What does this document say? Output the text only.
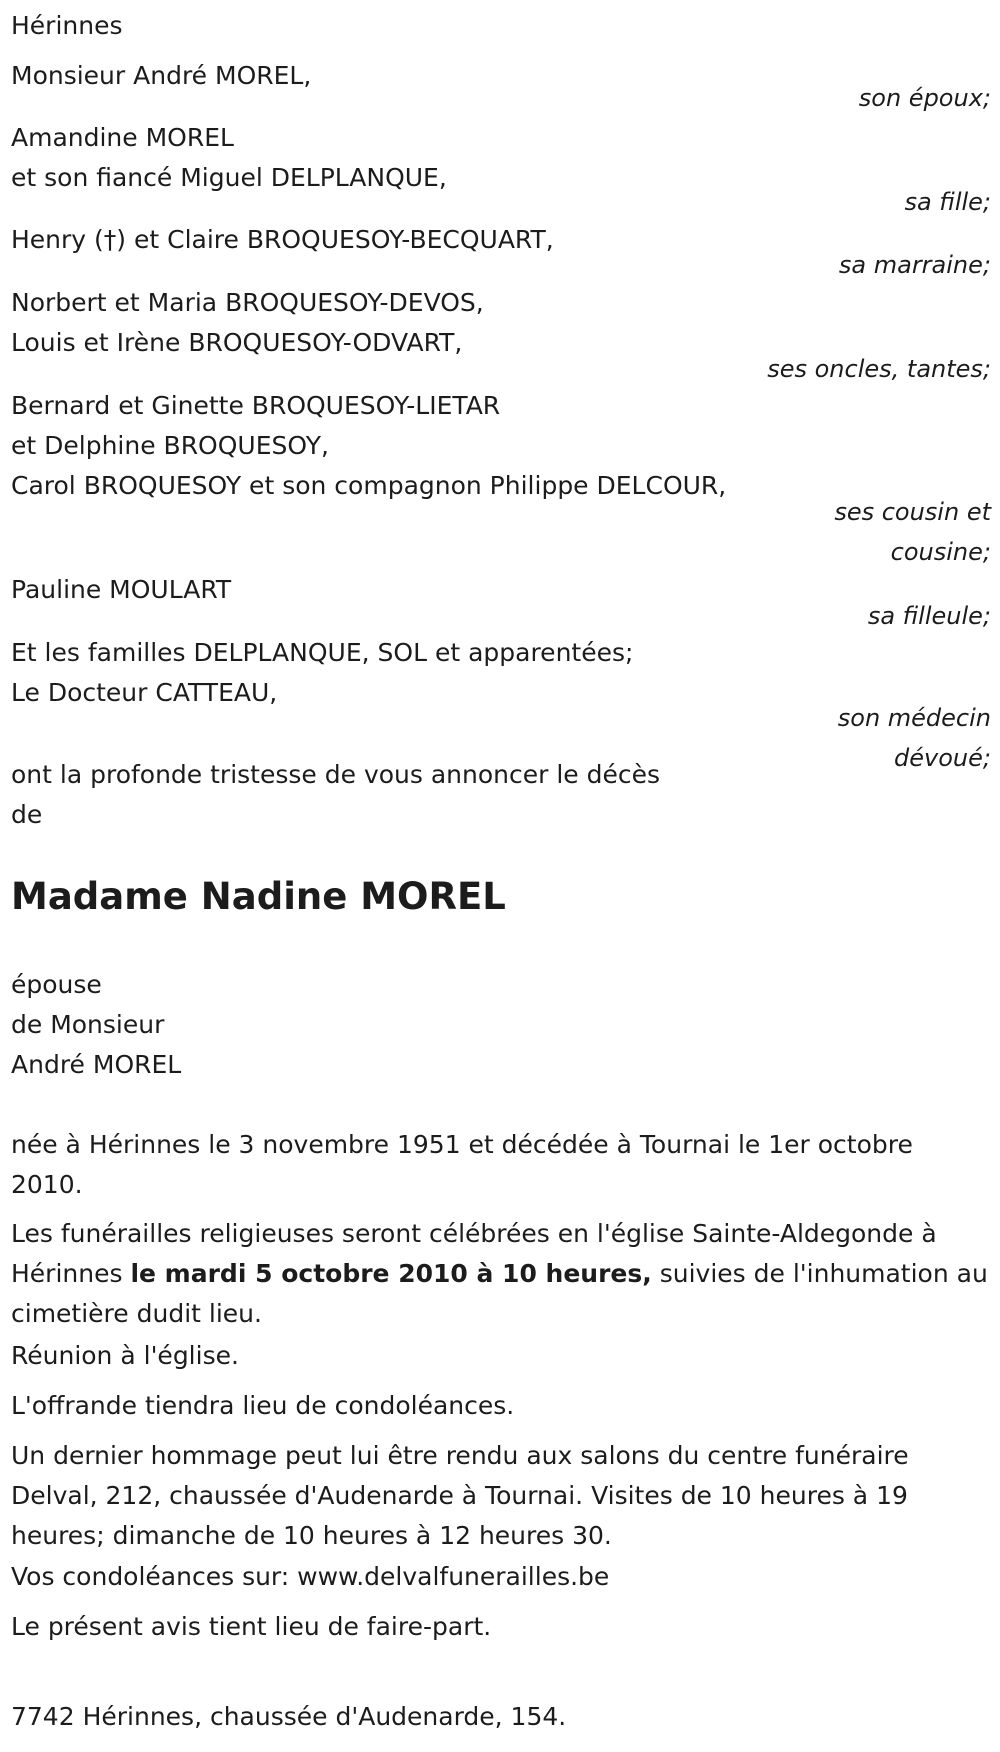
Hérinnes

Monsieur André MOREL,

son époux;

Amandine MOREL

et son fiancé Miguel DELPLANQUE,

sa fille;

Henry (†) et Claire BROQUESOY-BECQUART,

sa marraine;

Norbert et Maria BROQUESOY-DEVOS,

Louis et Irène BROQUESOY-ODVART,

ses oncles, tantes;

Bernard et Ginette BROQUESOY-LIETAR

et Delphine BROQUESOY,

Carol BROQUESOY et son compagnon Philippe DELCOUR,

ses cousin et

cousine;

Pauline MOULART

sa filleule;

Et les familles DELPLANQUE, SOL et apparentées;

Le Docteur CATTEAU,

son médecin

dévoué;

ont la profonde tristesse de vous annoncer le décès

de

Madame Nadine MOREL

épouse

de Monsieur

André MOREL

née à Hérinnes le 3 novembre 1951 et décédée à Tournai le 1er octobre 2010.

Les funérailles religieuses seront célébrées en l'église Sainte-Aldegonde à Hérinnes le mardi 5 octobre 2010 à 10 heures, suivies de l'inhumation au cimetière dudit lieu.

Réunion à l'église.

L'offrande tiendra lieu de condoléances.

Un dernier hommage peut lui être rendu aux salons du centre funéraire Delval, 212, chaussée d'Audenarde à Tournai. Visites de 10 heures à 19 heures; dimanche de 10 heures à 12 heures 30.

Vos condoléances sur: www.delvalfunerailles.be

Le présent avis tient lieu de faire-part.

7742 Hérinnes, chaussée d'Audenarde, 154.
